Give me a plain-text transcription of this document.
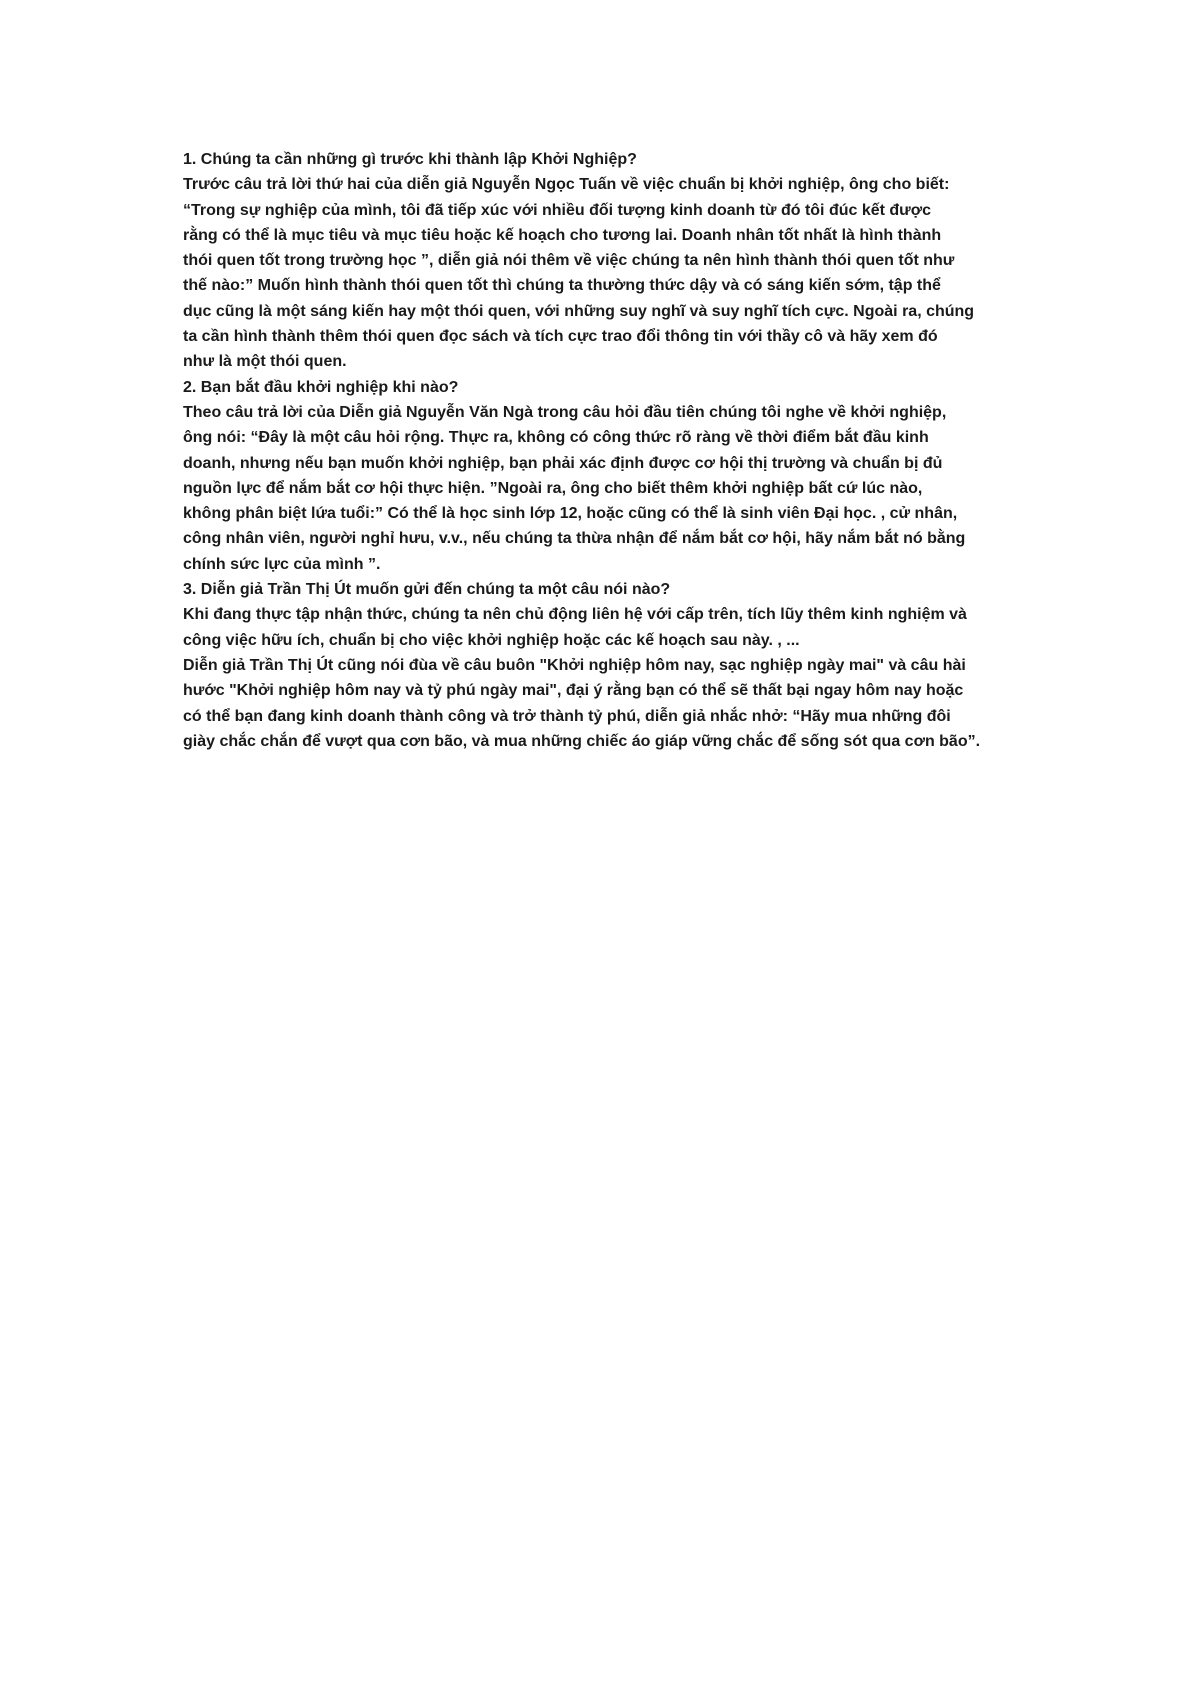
1. Chúng ta cần những gì trước khi thành lập Khởi Nghiệp?
Trước câu trả lời thứ hai của diễn giả Nguyễn Ngọc Tuấn về việc chuẩn bị khởi nghiệp, ông cho biết:
“Trong sự nghiệp của mình, tôi đã tiếp xúc với nhiều đối tượng kinh doanh từ đó tôi đúc kết được
rằng có thể là mục tiêu và mục tiêu hoặc kế hoạch cho tương lai. Doanh nhân tốt nhất là hình thành
thói quen tốt trong trường học ”, diễn giả nói thêm về việc chúng ta nên hình thành thói quen tốt như
thế nào:” Muốn hình thành thói quen tốt thì chúng ta thường thức dậy và có sáng kiến sớm, tập thể
dục cũng là một sáng kiến hay một thói quen, với những suy nghĩ và suy nghĩ tích cực. Ngoài ra, chúng
ta cần hình thành thêm thói quen đọc sách và tích cực trao đổi thông tin với thầy cô và hãy xem đó
như là một thói quen.
2. Bạn bắt đầu khởi nghiệp khi nào?
Theo câu trả lời của Diễn giả Nguyễn Văn Ngà trong câu hỏi đầu tiên chúng tôi nghe về khởi nghiệp,
ông nói: “Đây là một câu hỏi rộng. Thực ra, không có công thức rõ ràng về thời điểm bắt đầu kinh
doanh, nhưng nếu bạn muốn khởi nghiệp, bạn phải xác định được cơ hội thị trường và chuẩn bị đủ
nguồn lực để nắm bắt cơ hội thực hiện. ”Ngoài ra, ông cho biết thêm khởi nghiệp bất cứ lúc nào,
không phân biệt lứa tuổi:” Có thể là học sinh lớp 12, hoặc cũng có thể là sinh viên Đại học. , cử nhân,
công nhân viên, người nghỉ hưu, v.v., nếu chúng ta thừa nhận để nắm bắt cơ hội, hãy nắm bắt nó bằng
chính sức lực của mình ”.
3. Diễn giả Trần Thị Út muốn gửi đến chúng ta một câu nói nào?
Khi đang thực tập nhận thức, chúng ta nên chủ động liên hệ với cấp trên, tích lũy thêm kinh nghiệm và
công việc hữu ích, chuẩn bị cho việc khởi nghiệp hoặc các kế hoạch sau này. , ...
Diễn giả Trần Thị Út cũng nói đùa về câu buôn "Khởi nghiệp hôm nay, sạc nghiệp ngày mai" và câu hài
hước "Khởi nghiệp hôm nay và tỷ phú ngày mai", đại ý rằng bạn có thể sẽ thất bại ngay hôm nay hoặc
có thể bạn đang kinh doanh thành công và trở thành tỷ phú, diễn giả nhắc nhở: “Hãy mua những đôi
giày chắc chắn để vượt qua cơn bão, và mua những chiếc áo giáp vững chắc để sống sót qua cơn bão”.
